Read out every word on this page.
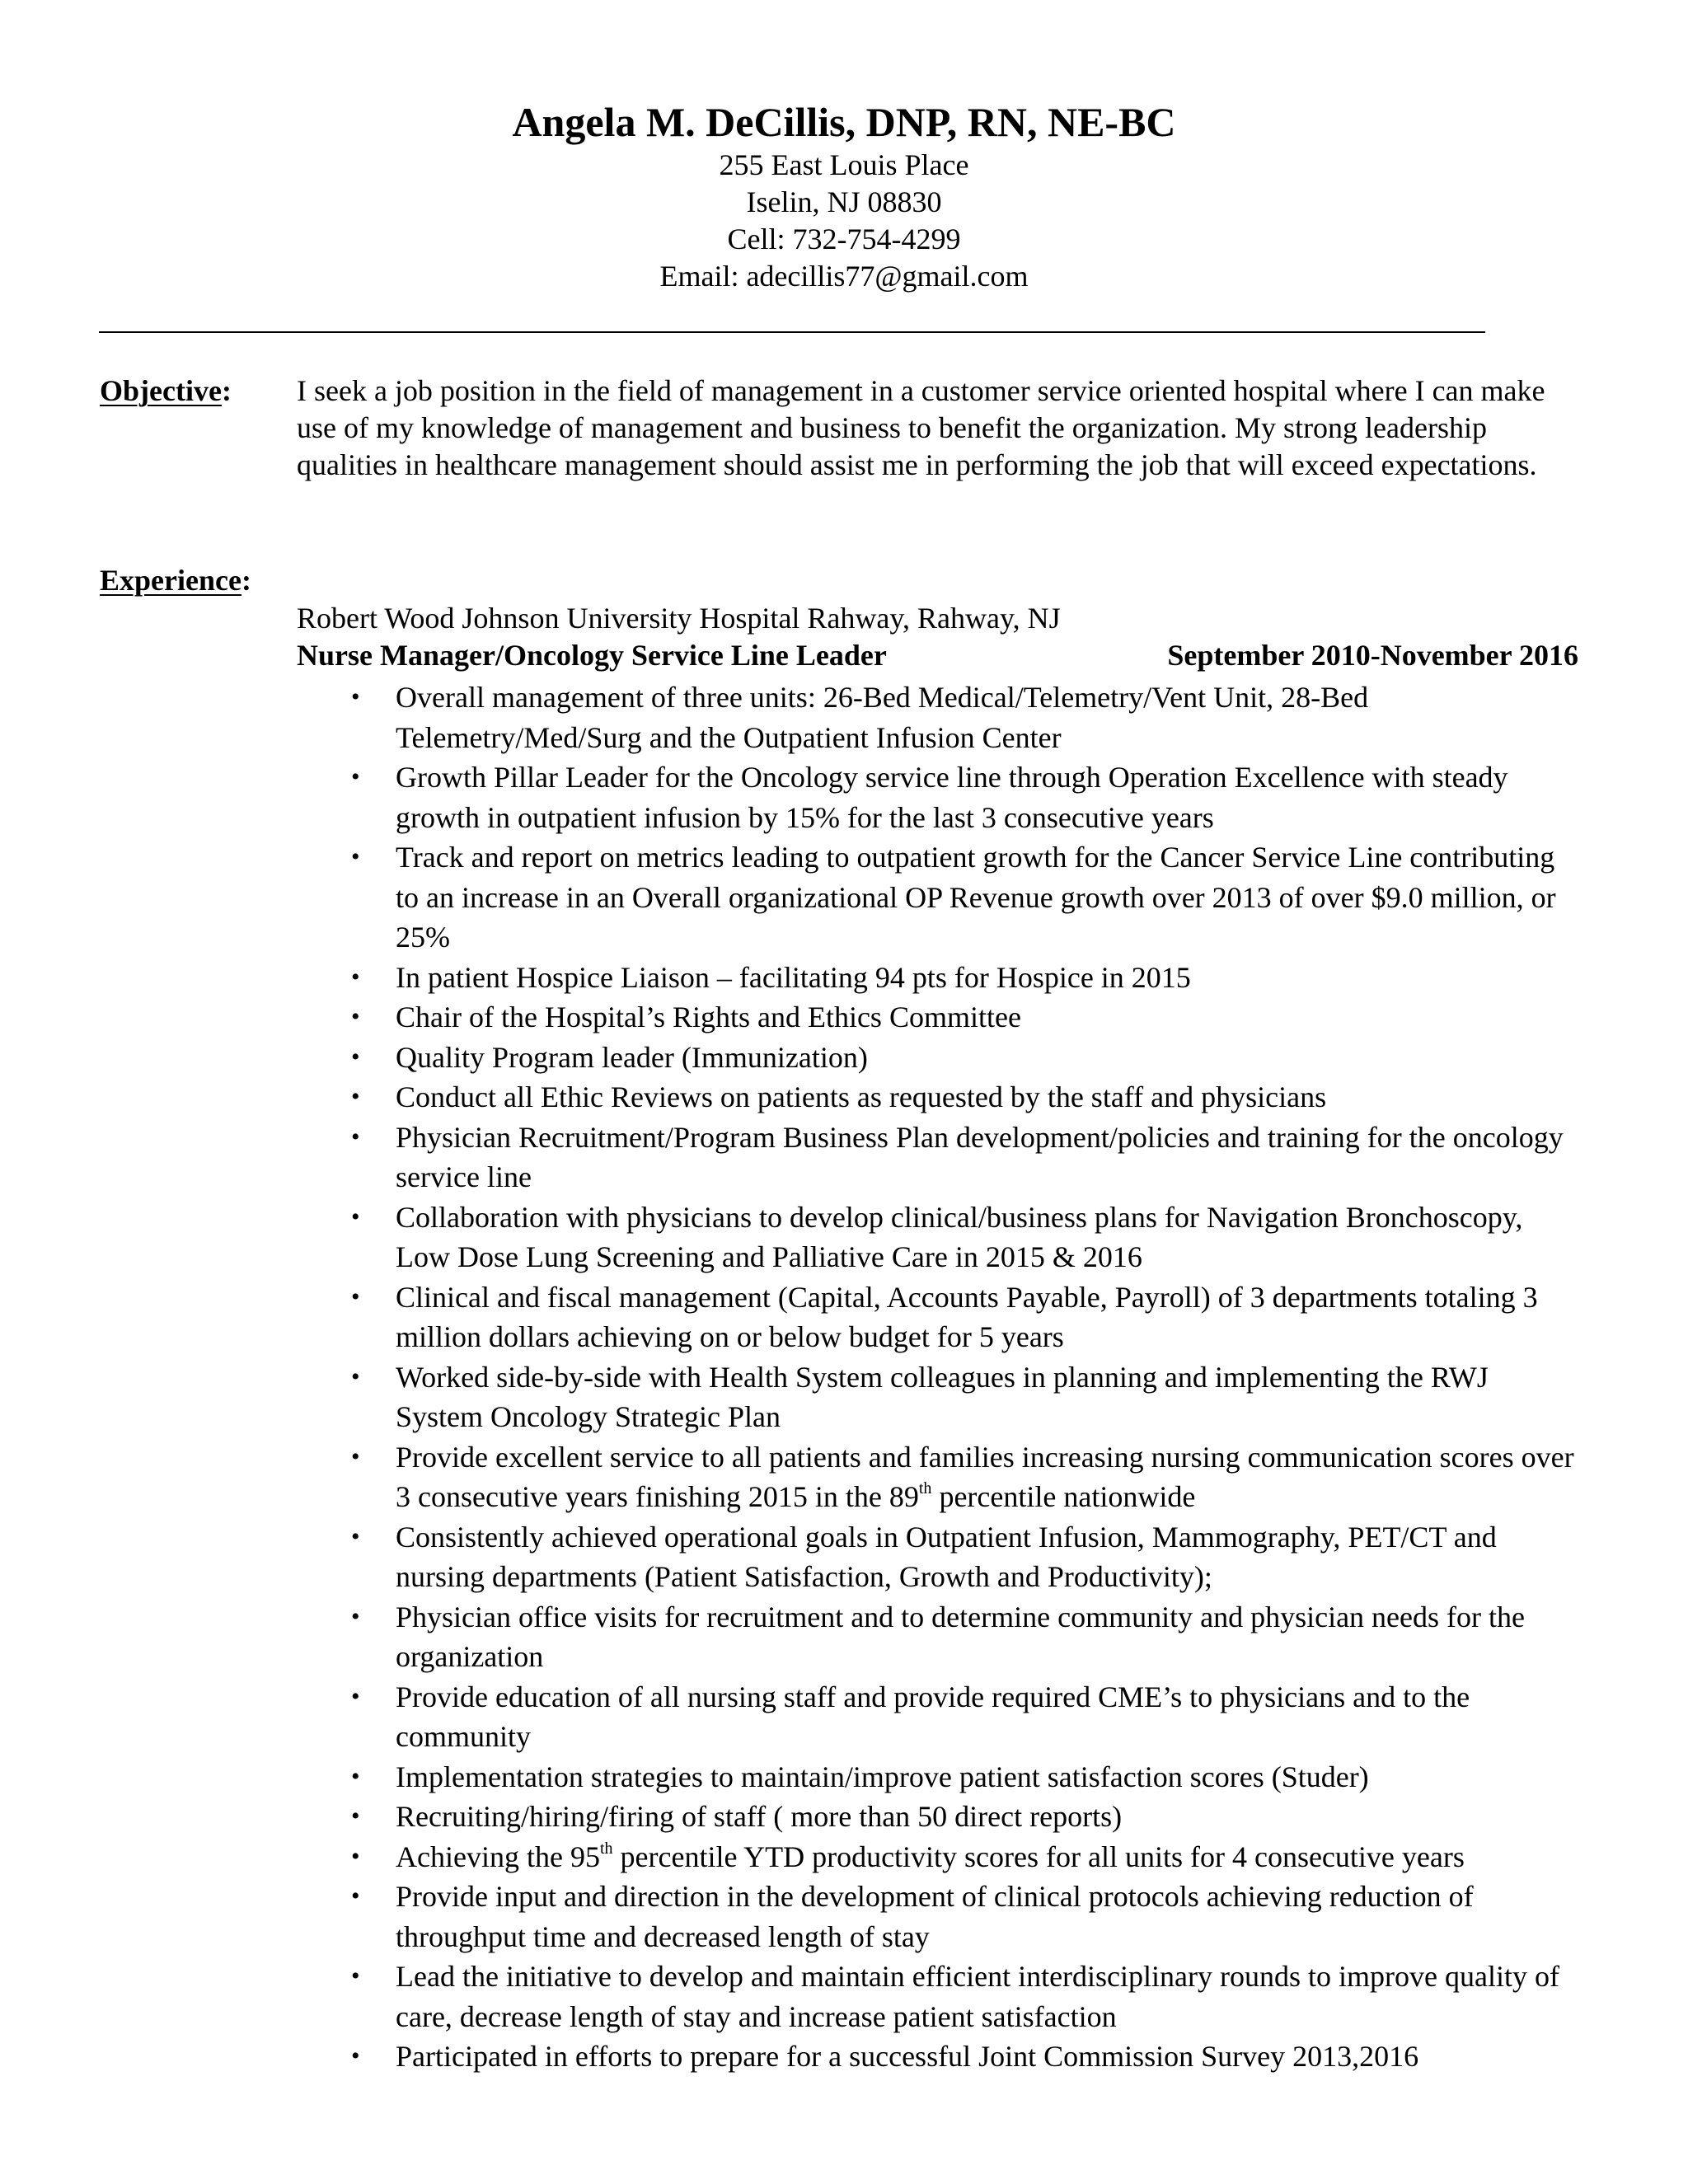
Angela M. DeCillis, DNP, RN, NE-BC
255 East Louis Place
Iselin, NJ 08830
Cell: 732-754-4299
Email: adecillis77@gmail.com
Objective: I seek a job position in the field of management in a customer service oriented hospital where I can make use of my knowledge of management and business to benefit the organization. My strong leadership qualities in healthcare management should assist me in performing the job that will exceed expectations.
Experience:
Robert Wood Johnson University Hospital Rahway, Rahway, NJ
Nurse Manager/Oncology Service Line Leader	September 2010-November 2016
• Overall management of three units: 26-Bed Medical/Telemetry/Vent Unit, 28-Bed Telemetry/Med/Surg and the Outpatient Infusion Center
• Growth Pillar Leader for the Oncology service line through Operation Excellence with steady growth in outpatient infusion by 15% for the last 3 consecutive years
• Track and report on metrics leading to outpatient growth for the Cancer Service Line contributing to an increase in an Overall organizational OP Revenue growth over 2013 of over $9.0 million, or 25%
• In patient Hospice Liaison – facilitating 94 pts for Hospice in 2015
• Chair of the Hospital’s Rights and Ethics Committee
• Quality Program leader (Immunization)
• Conduct all Ethic Reviews on patients as requested by the staff and physicians
• Physician Recruitment/Program Business Plan development/policies and training for the oncology service line
• Collaboration with physicians to develop clinical/business plans for Navigation Bronchoscopy, Low Dose Lung Screening and Palliative Care in 2015 & 2016
• Clinical and fiscal management (Capital, Accounts Payable, Payroll) of 3 departments totaling 3 million dollars achieving on or below budget for 5 years
• Worked side-by-side with Health System colleagues in planning and implementing the RWJ System Oncology Strategic Plan
• Provide excellent service to all patients and families increasing nursing communication scores over 3 consecutive years finishing 2015 in the 89th percentile nationwide
• Consistently achieved operational goals in Outpatient Infusion, Mammography, PET/CT and nursing departments (Patient Satisfaction, Growth and Productivity);
• Physician office visits for recruitment and to determine community and physician needs for the organization
• Provide education of all nursing staff and provide required CME’s to physicians and to the community
• Implementation strategies to maintain/improve patient satisfaction scores (Studer)
• Recruiting/hiring/firing of staff ( more than 50 direct reports)
• Achieving the 95th percentile YTD productivity scores for all units for 4 consecutive years
• Provide input and direction in the development of clinical protocols achieving reduction of throughput time and decreased length of stay
• Lead the initiative to develop and maintain efficient interdisciplinary rounds to improve quality of care, decrease length of stay and increase patient satisfaction
• Participated in efforts to prepare for a successful Joint Commission Survey 2013,2016
